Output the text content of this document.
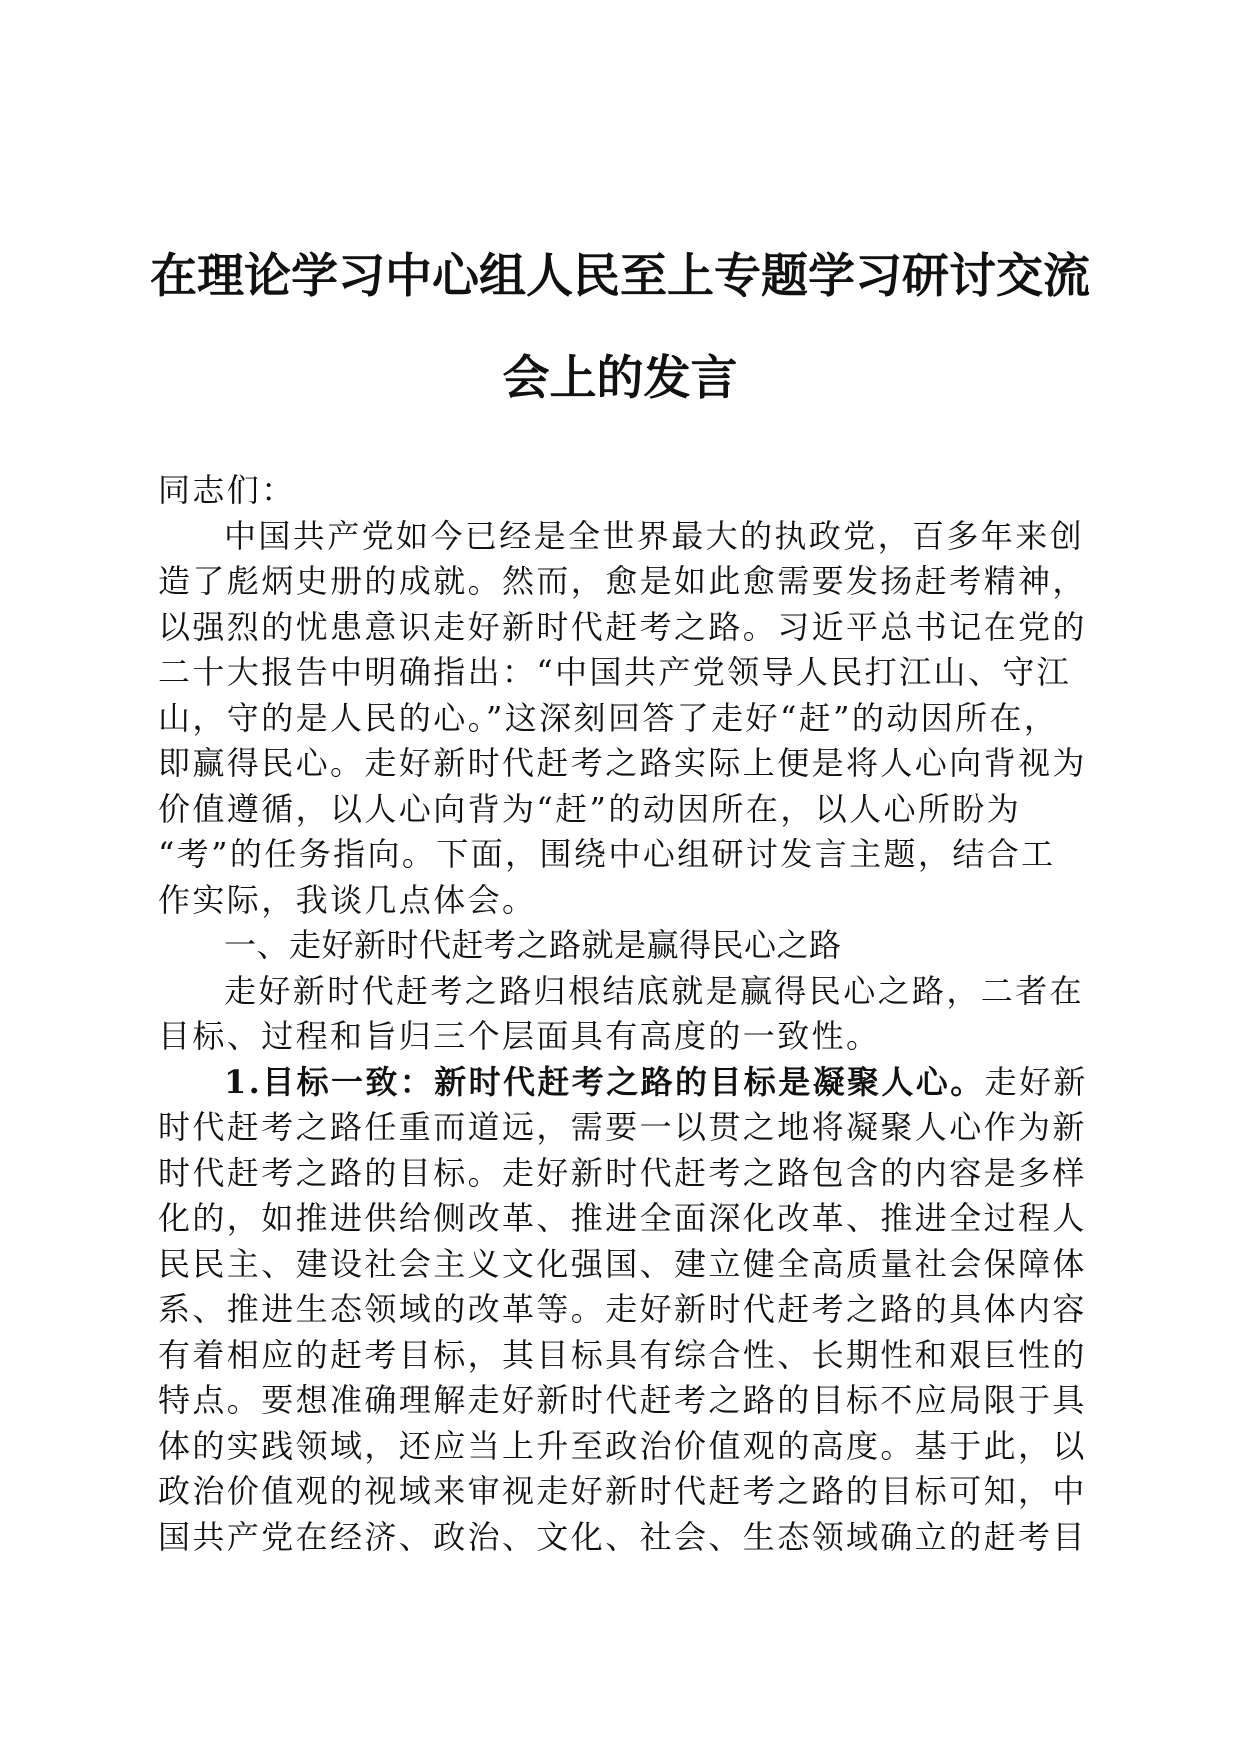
在理论学习中心组人民至上专题学习研讨交流
会上的发言
同志们：
中国共产党如今已经是全世界最大的执政党，百多年来创
造了彪炳史册的成就。然而，愈是如此愈需要发扬赶考精神，
以强烈的忧患意识走好新时代赶考之路。习近平总书记在党的
二十大报告中明确指出：“中国共产党领导人民打江山、守江
山，守的是人民的心。”这深刻回答了走好“赶”的动因所在，
即赢得民心。走好新时代赶考之路实际上便是将人心向背视为
价值遵循，以人心向背为“赶”的动因所在，以人心所盼为
“考”的任务指向。下面，围绕中心组研讨发言主题，结合工
作实际，我谈几点体会。
一、走好新时代赶考之路就是赢得民心之路
走好新时代赶考之路归根结底就是赢得民心之路，二者在
目标、过程和旨归三个层面具有高度的一致性。
1.目标一致：新时代赶考之路的目标是凝聚人心。走好新
时代赶考之路任重而道远，需要一以贯之地将凝聚人心作为新
时代赶考之路的目标。走好新时代赶考之路包含的内容是多样
化的，如推进供给侧改革、推进全面深化改革、推进全过程人
民民主、建设社会主义文化强国、建立健全高质量社会保障体
系、推进生态领域的改革等。走好新时代赶考之路的具体内容
有着相应的赶考目标，其目标具有综合性、长期性和艰巨性的
特点。要想准确理解走好新时代赶考之路的目标不应局限于具
体的实践领域，还应当上升至政治价值观的高度。基于此，以
政治价值观的视域来审视走好新时代赶考之路的目标可知，中
国共产党在经济、政治、文化、社会、生态领域确立的赶考目
